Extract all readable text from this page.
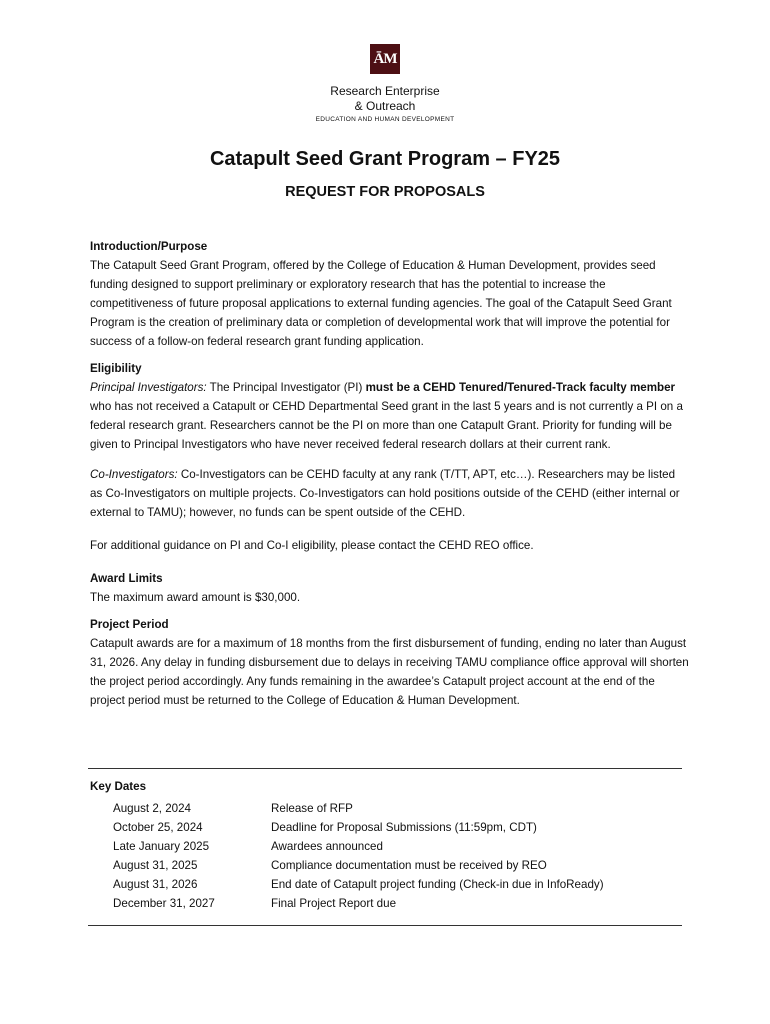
ĀM
Research Enterprise
& Outreach
EDUCATION AND HUMAN DEVELOPMENT
Catapult Seed Grant Program – FY25
REQUEST FOR PROPOSALS
Introduction/Purpose

The Catapult Seed Grant Program, offered by the College of Education & Human Development, provides seed funding designed to support preliminary or exploratory research that has the potential to increase the competitiveness of future proposal applications to external funding agencies. The goal of the Catapult Seed Grant Program is the creation of preliminary data or completion of developmental work that will improve the potential for success of a follow-on federal research grant funding application.

Eligibility

Principal Investigators: The Principal Investigator (PI) must be a CEHD Tenured/Tenured-Track faculty member who has not received a Catapult or CEHD Departmental Seed grant in the last 5 years and is not currently a PI on a federal research grant. Researchers cannot be the PI on more than one Catapult Grant. Priority for funding will be given to Principal Investigators who have never received federal research dollars at their current rank.

Co-Investigators: Co-Investigators can be CEHD faculty at any rank (T/TT, APT, etc…). Researchers may be listed as Co-Investigators on multiple projects. Co-Investigators can hold positions outside of the CEHD (either internal or external to TAMU); however, no funds can be spent outside of the CEHD.

For additional guidance on PI and Co-I eligibility, please contact the CEHD REO office.

Award Limits

The maximum award amount is $30,000.

Project Period

Catapult awards are for a maximum of 18 months from the first disbursement of funding, ending no later than August 31, 2026. Any delay in funding disbursement due to delays in receiving TAMU compliance office approval will shorten the project period accordingly. Any funds remaining in the awardee’s Catapult project account at the end of the project period must be returned to the College of Education & Human Development.

Key Dates
August 2, 2024	Release of RFP
October 25, 2024	Deadline for Proposal Submissions (11:59pm, CDT)
Late January 2025	Awardees announced
August 31, 2025	Compliance documentation must be received by REO
August 31, 2026	End date of Catapult project funding (Check-in due in InfoReady)
December 31, 2027	Final Project Report due
